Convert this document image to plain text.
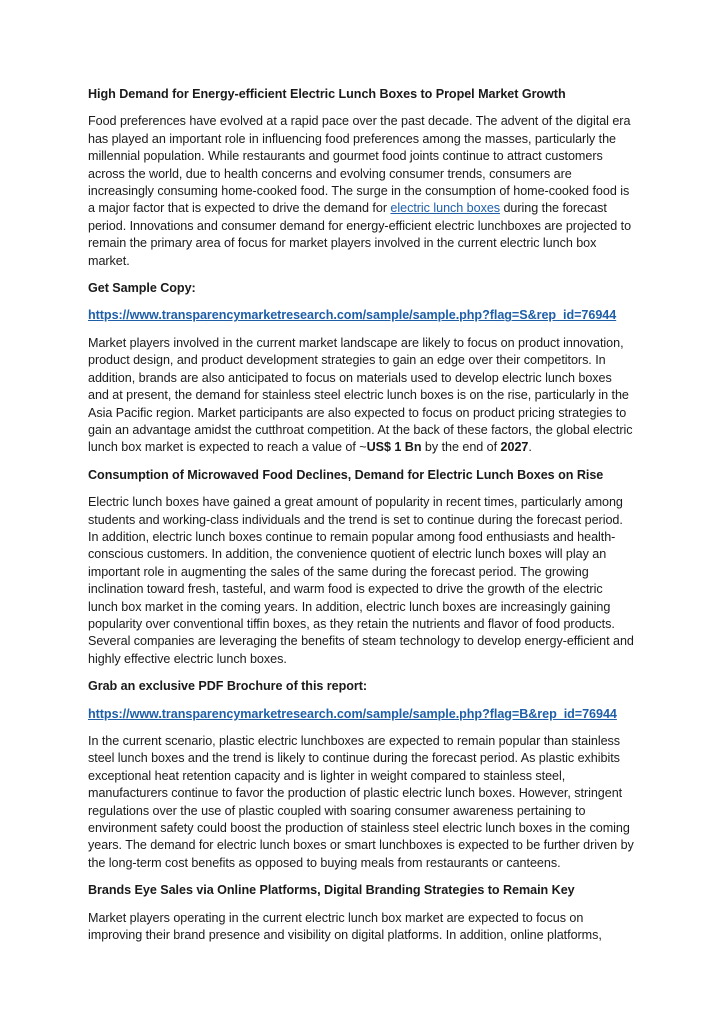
High Demand for Energy-efficient Electric Lunch Boxes to Propel Market Growth

Food preferences have evolved at a rapid pace over the past decade. The advent of the digital era has played an important role in influencing food preferences among the masses, particularly the millennial population. While restaurants and gourmet food joints continue to attract customers across the world, due to health concerns and evolving consumer trends, consumers are increasingly consuming home-cooked food. The surge in the consumption of home-cooked food is a major factor that is expected to drive the demand for electric lunch boxes during the forecast period. Innovations and consumer demand for energy-efficient electric lunchboxes are projected to remain the primary area of focus for market players involved in the current electric lunch box market.

Get Sample Copy:

https://www.transparencymarketresearch.com/sample/sample.php?flag=S&rep_id=76944

Market players involved in the current market landscape are likely to focus on product innovation, product design, and product development strategies to gain an edge over their competitors. In addition, brands are also anticipated to focus on materials used to develop electric lunch boxes and at present, the demand for stainless steel electric lunch boxes is on the rise, particularly in the Asia Pacific region. Market participants are also expected to focus on product pricing strategies to gain an advantage amidst the cutthroat competition. At the back of these factors, the global electric lunch box market is expected to reach a value of ~US$ 1 Bn by the end of 2027.

Consumption of Microwaved Food Declines, Demand for Electric Lunch Boxes on Rise

Electric lunch boxes have gained a great amount of popularity in recent times, particularly among students and working-class individuals and the trend is set to continue during the forecast period. In addition, electric lunch boxes continue to remain popular among food enthusiasts and health-conscious customers. In addition, the convenience quotient of electric lunch boxes will play an important role in augmenting the sales of the same during the forecast period. The growing inclination toward fresh, tasteful, and warm food is expected to drive the growth of the electric lunch box market in the coming years. In addition, electric lunch boxes are increasingly gaining popularity over conventional tiffin boxes, as they retain the nutrients and flavor of food products. Several companies are leveraging the benefits of steam technology to develop energy-efficient and highly effective electric lunch boxes.

Grab an exclusive PDF Brochure of this report:

https://www.transparencymarketresearch.com/sample/sample.php?flag=B&rep_id=76944

In the current scenario, plastic electric lunchboxes are expected to remain popular than stainless steel lunch boxes and the trend is likely to continue during the forecast period. As plastic exhibits exceptional heat retention capacity and is lighter in weight compared to stainless steel, manufacturers continue to favor the production of plastic electric lunch boxes. However, stringent regulations over the use of plastic coupled with soaring consumer awareness pertaining to environment safety could boost the production of stainless steel electric lunch boxes in the coming years. The demand for electric lunch boxes or smart lunchboxes is expected to be further driven by the long-term cost benefits as opposed to buying meals from restaurants or canteens.

Brands Eye Sales via Online Platforms, Digital Branding Strategies to Remain Key

Market players operating in the current electric lunch box market are expected to focus on improving their brand presence and visibility on digital platforms. In addition, online platforms,
